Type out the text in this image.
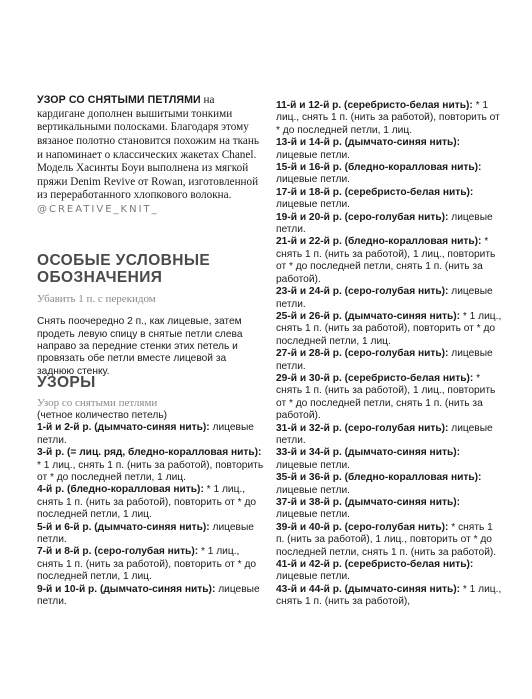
УЗОР СО СНЯТЫМИ ПЕТЛЯМИ на кардигане дополнен вышитыми тонкими вертикальными полосками. Благодаря этому вязаное полотно становится похожим на ткань и напоминает о классических жакетах Chanel. Модель Хасинты Боуи выполнена из мягкой пряжи Denim Revive от Rowan, изготовленной из переработанного хлопкового волокна. @CREATIVE_KNIT_

ОСОБЫЕ УСЛОВНЫЕ ОБОЗНАЧЕНИЯ
Убавить 1 п. с перекидом

Снять поочередно 2 п., как лицевые, затем продеть левую спицу в снятые петли слева направо за передние стенки этих петель и провязать обе петли вместе лицевой за заднюю стенку.

УЗОРЫ
Узор со снятыми петлями

(четное количество петель)

1-й и 2-й р. (дымчато-синяя нить): лицевые петли.

3-й р. (= лиц. ряд, бледно-коралловая нить): * 1 лиц., снять 1 п. (нить за работой), повторить от * до последней петли, 1 лиц.

4-й р. (бледно-коралловая нить): * 1 лиц., снять 1 п. (нить за работой), повторить от * до последней петли, 1 лиц.

5-й и 6-й р. (дымчато-синяя нить): лицевые петли.

7-й и 8-й р. (серо-голубая нить): * 1 лиц., снять 1 п. (нить за работой), повторить от * до последней петли, 1 лиц.

9-й и 10-й р. (дымчато-синяя нить): лицевые петли.

11-й и 12-й р. (серебристо-белая нить): * 1 лиц., снять 1 п. (нить за работой), повторить от * до последней петли, 1 лиц.

13-й и 14-й р. (дымчато-синяя нить): лицевые петли.

15-й и 16-й р. (бледно-коралловая нить): лицевые петли.

17-й и 18-й р. (серебристо-белая нить): лицевые петли.

19-й и 20-й р. (серо-голубая нить): лицевые петли.

21-й и 22-й р. (бледно-коралловая нить): * снять 1 п. (нить за работой), 1 лиц., повторить от * до последней петли, снять 1 п. (нить за работой).

23-й и 24-й р. (серо-голубая нить): лицевые петли.

25-й и 26-й р. (дымчато-синяя нить): * 1 лиц., снять 1 п. (нить за работой), повторить от * до последней петли, 1 лиц.

27-й и 28-й р. (серо-голубая нить): лицевые петли.

29-й и 30-й р. (серебристо-белая нить): * снять 1 п. (нить за работой), 1 лиц., повторить от * до последней петли, снять 1 п. (нить за работой).

31-й и 32-й р. (серо-голубая нить): лицевые петли.

33-й и 34-й р. (дымчато-синяя нить): лицевые петли.

35-й и 36-й р. (бледно-коралловая нить): лицевые петли.

37-й и 38-й р. (дымчато-синяя нить): лицевые петли.

39-й и 40-й р. (серо-голубая нить): * снять 1 п. (нить за работой), 1 лиц., повторить от * до последней петли, снять 1 п. (нить за работой).

41-й и 42-й р. (серебристо-белая нить): лицевые петли.

43-й и 44-й р. (дымчато-синяя нить): * 1 лиц., снять 1 п. (нить за работой),
